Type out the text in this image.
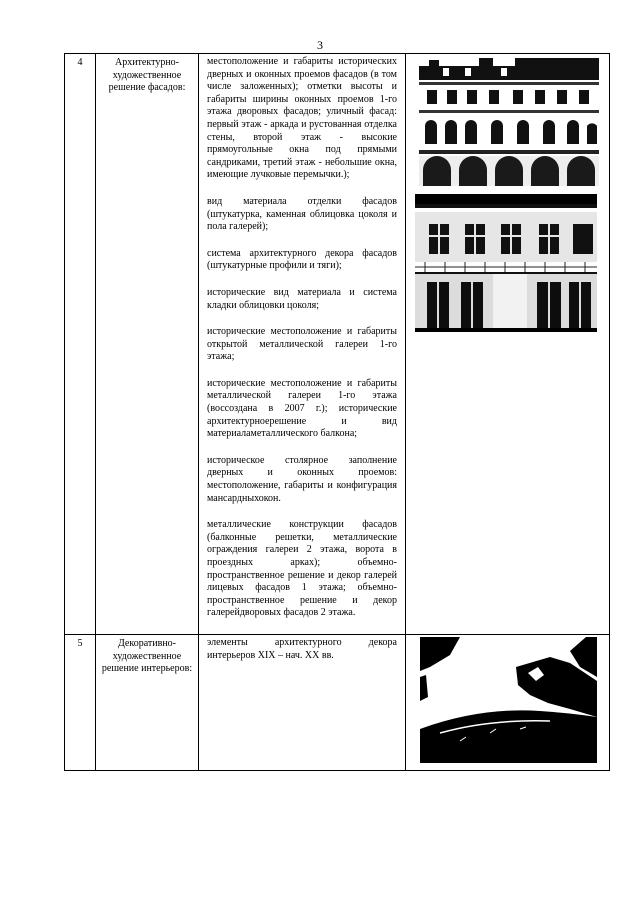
3
4	Архитектурно-художественное решение фасадов:

местоположение и габариты исторических дверных и оконных проемов фасадов (в том числе заложенных); отметки высоты и габариты ширины оконных проемов 1-го этажа дворовых фасадов; уличный фасад: первый этаж - аркада и рустованная отделка стены, второй этаж - высокие прямоугольные окна под прямыми сандриками, третий этаж - небольшие окна, имеющие лучковые перемычки.);

вид материала отделки фасадов (штукатурка, каменная облицовка цоколя и пола галерей);

система архитектурного декора фасадов (штукатурные профили и тяги);

исторические вид материала и система кладки облицовки цоколя;

исторические местоположение и габариты открытой металлической галереи 1-го этажа;

исторические местоположение и габариты металлической галереи 1-го этажа (воссоздана в 2007 г.); исторические архитектурноерешение и вид материаламеталлического балкона;

историческое столярное заполнение дверных и оконных проемов: местоположение, габариты и конфигурация мансардныхокон.

металлические конструкции фасадов (балконные решетки, металлические ограждения галереи 2 этажа, ворота в проездных арках); объемно-пространственное решение и декор галерей лицевых фасадов 1 этажа; объемно-пространственное решение и декор галерейдворовых фасадов 2 этажа.

5	Декоративно-художественное решение интерьеров:

элементы архитектурного декора интерьеров XIX – нач. XX вв.
